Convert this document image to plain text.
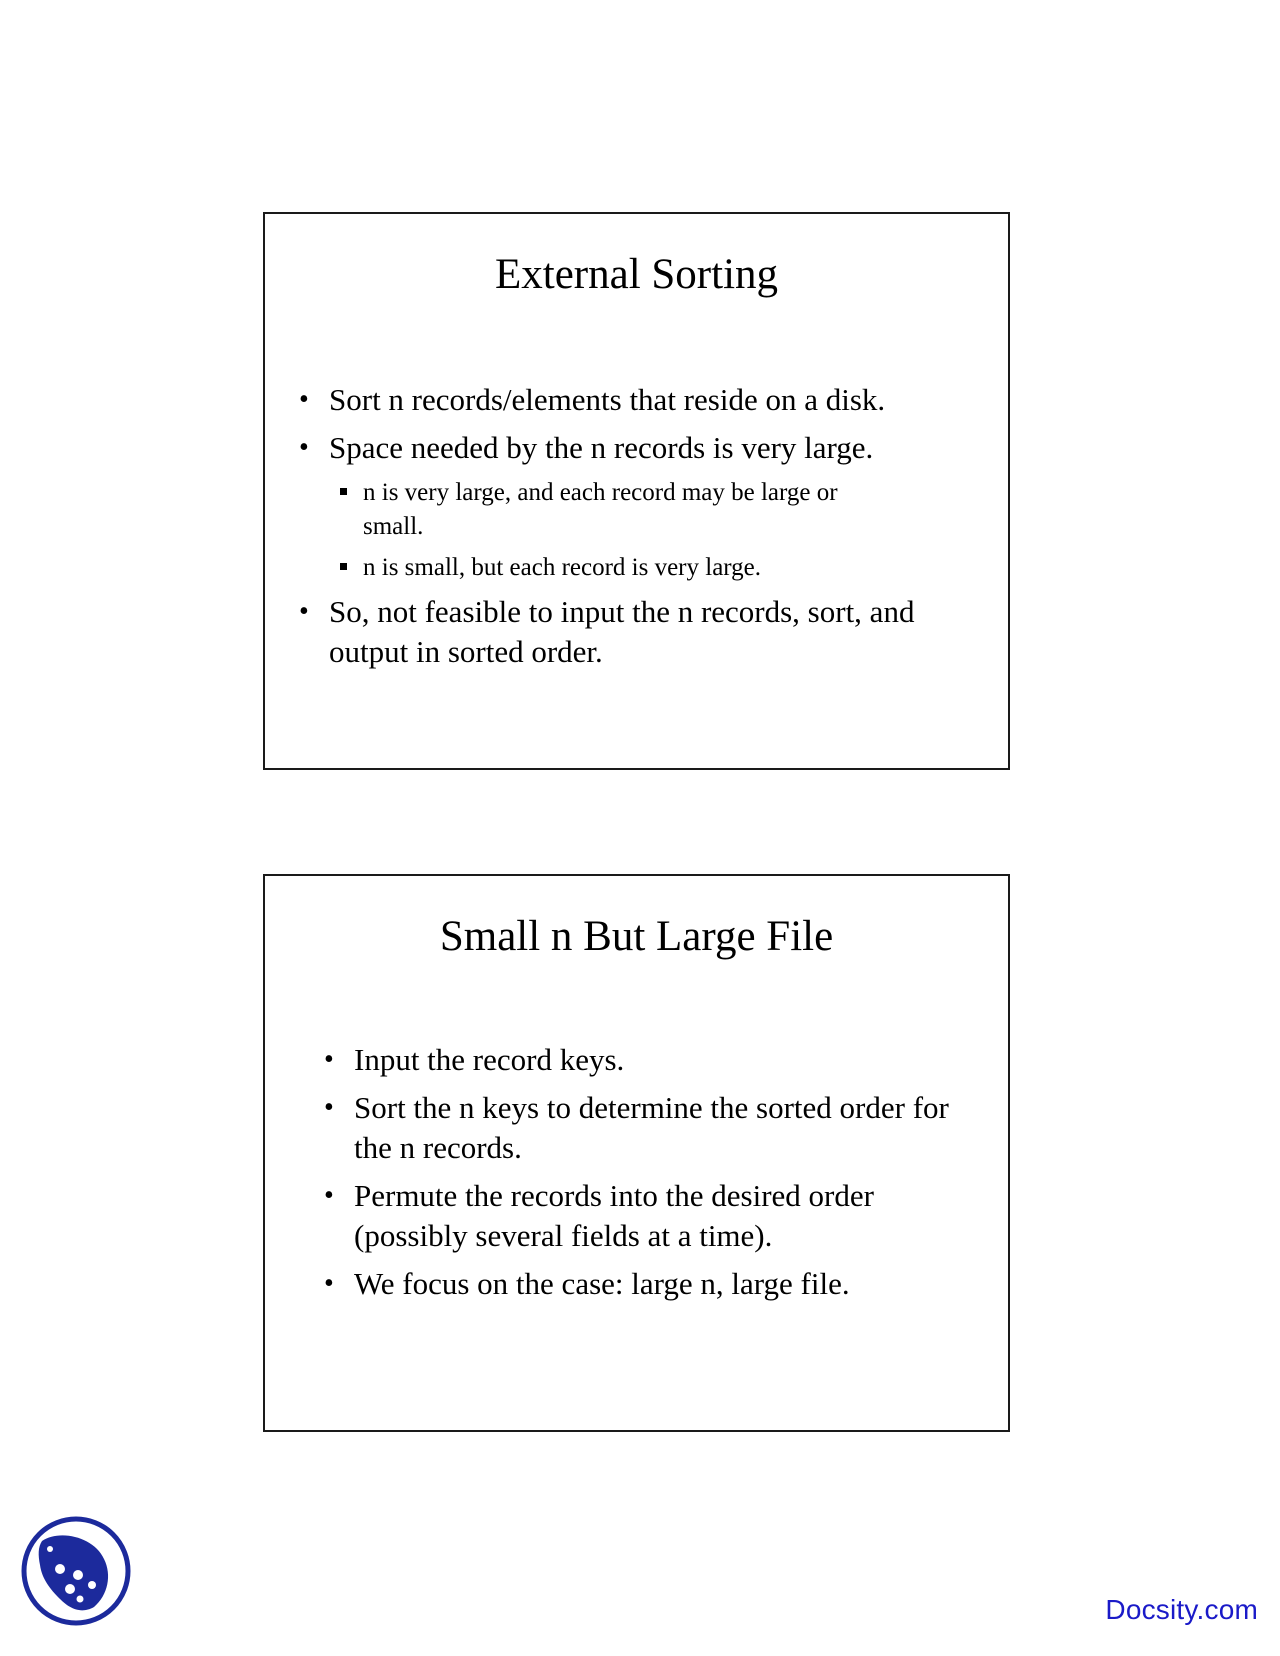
External Sorting
• Sort n records/elements that reside on a disk.
• Space needed by the n records is very large.
n is very large, and each record may be large or small.
n is small, but each record is very large.
• So, not feasible to input the n records, sort, and output in sorted order.
Small n But Large File
• Input the record keys.
• Sort the n keys to determine the sorted order for the n records.
• Permute the records into the desired order (possibly several fields at a time).
• We focus on the case: large n, large file.
Docsity.com
